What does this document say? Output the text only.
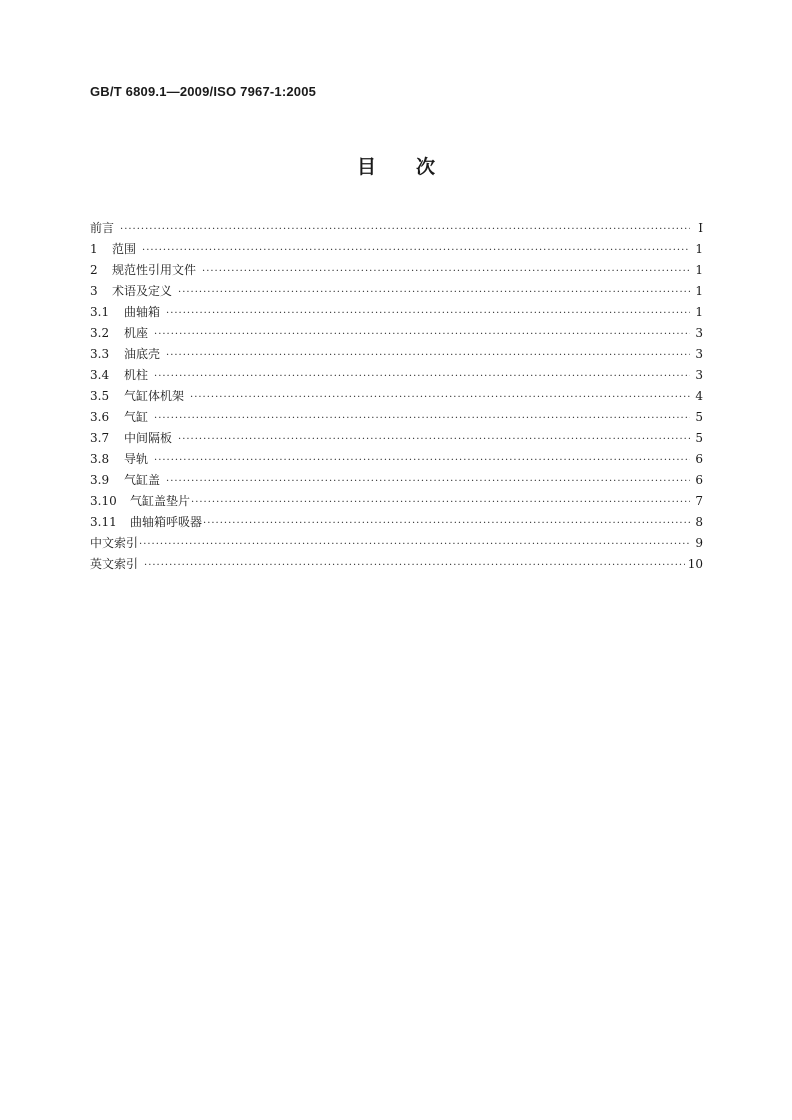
GB/T 6809.1—2009/ISO 7967-1:2005
目 次
前言 ·····	Ⅰ
1	范围 ·····	1
2	规范性引用文件 ·····	1
3	术语及定义 ·····	1
3.1	曲轴箱 ·····	1
3.2	机座 ·····	3
3.3	油底壳 ·····	3
3.4	机柱 ·····	3
3.5	气缸体机架 ·····	4
3.6	气缸 ·····	5
3.7	中间隔板 ·····	5
3.8	导轨 ·····	6
3.9	气缸盖 ·····	6
3.10	气缸盖垫片 ·····	7
3.11	曲轴箱呼吸器 ·····	8
中文索引 ·····	9
英文索引 ·····	10
